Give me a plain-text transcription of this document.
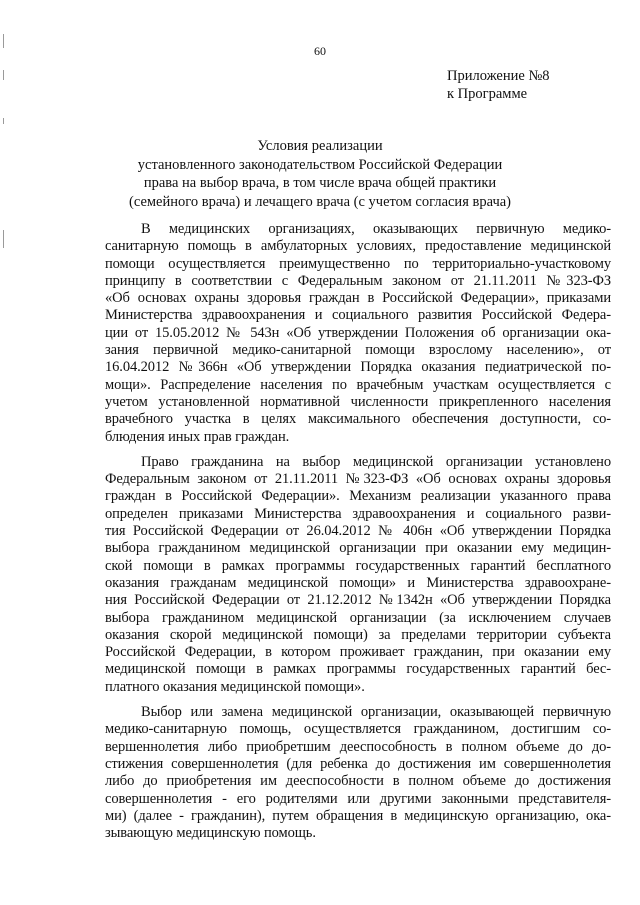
60
Приложение №8
к Программе
Условия реализации
установленного законодательством Российской Федерации
права на выбор врача, в том числе врача общей практики
(семейного врача) и лечащего врача (с учетом согласия врача)
В медицинских организациях, оказывающих первичную медико-
санитарную помощь в амбулаторных условиях, предоставление медицинской
помощи осуществляется преимущественно по территориально-участковому
принципу в соответствии с Федеральным законом от 21.11.2011 №323-ФЗ
«Об основах охраны здоровья граждан в Российской Федерации», приказами
Министерства здравоохранения и социального развития Российской Федера-
ции от 15.05.2012 № 543н «Об утверждении Положения об организации ока-
зания первичной медико-санитарной помощи взрослому населению», от
16.04.2012 №366н «Об утверждении Порядка оказания педиатрической по-
мощи». Распределение населения по врачебным участкам осуществляется с
учетом установленной нормативной численности прикрепленного населения
врачебного участка в целях максимального обеспечения доступности, со-
блюдения иных прав граждан.
Право гражданина на выбор медицинской организации установлено
Федеральным законом от 21.11.2011 №323-ФЗ «Об основах охраны здоровья
граждан в Российской Федерации». Механизм реализации указанного права
определен приказами Министерства здравоохранения и социального разви-
тия Российской Федерации от 26.04.2012 № 406н «Об утверждении Порядка
выбора гражданином медицинской организации при оказании ему медицин-
ской помощи в рамках программы государственных гарантий бесплатного
оказания гражданам медицинской помощи» и Министерства здравоохране-
ния Российской Федерации от 21.12.2012 №1342н «Об утверждении Порядка
выбора гражданином медицинской организации (за исключением случаев
оказания скорой медицинской помощи) за пределами территории субъекта
Российской Федерации, в котором проживает гражданин, при оказании ему
медицинской помощи в рамках программы государственных гарантий бес-
платного оказания медицинской помощи».
Выбор или замена медицинской организации, оказывающей первичную
медико-санитарную помощь, осуществляется гражданином, достигшим со-
вершеннолетия либо приобретшим дееспособность в полном объеме до до-
стижения совершеннолетия (для ребенка до достижения им совершеннолетия
либо до приобретения им дееспособности в полном объеме до достижения
совершеннолетия - его родителями или другими законными представителя-
ми) (далее - гражданин), путем обращения в медицинскую организацию, ока-
зывающую медицинскую помощь.
